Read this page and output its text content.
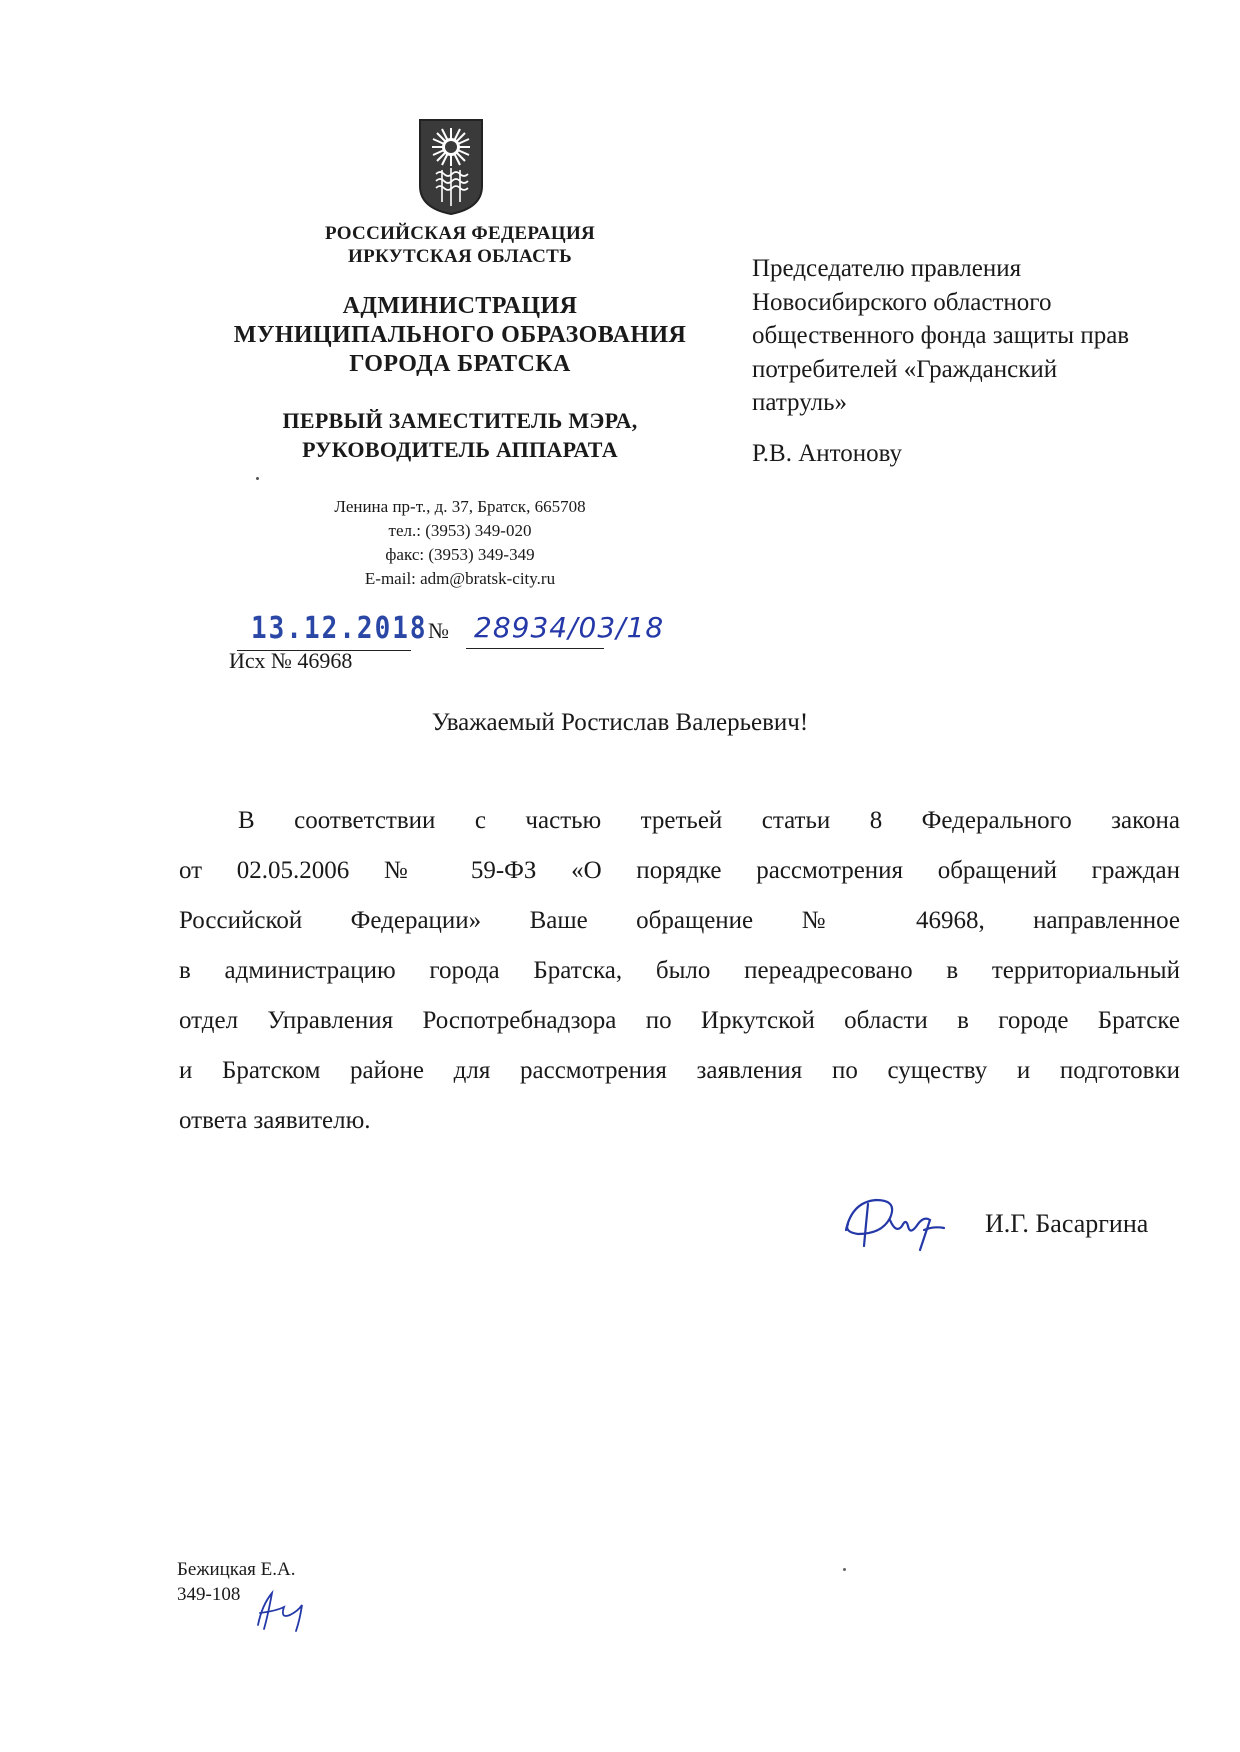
РОССИЙСКАЯ ФЕДЕРАЦИЯ
ИРКУТСКАЯ ОБЛАСТЬ
АДМИНИСТРАЦИЯ
МУНИЦИПАЛЬНОГО ОБРАЗОВАНИЯ
ГОРОДА БРАТСКА
ПЕРВЫЙ ЗАМЕСТИТЕЛЬ МЭРА,
РУКОВОДИТЕЛЬ АППАРАТА
Ленина пр-т., д. 37, Братск, 665708
тел.: (3953) 349-020
факс: (3953) 349-349
E-mail: adm@bratsk-city.ru
13.12.2018 № 28934/03/18
Исх № 46968
Председателю правления
Новосибирского областного
общественного фонда защиты прав
потребителей «Гражданский
патруль»
Р.В. Антонову
Уважаемый Ростислав Валерьевич!
В соответствии с частью третьей статьи 8 Федерального закона
от 02.05.2006 № 59-ФЗ «О порядке рассмотрения обращений граждан
Российской Федерации» Ваше обращение № 46968, направленное
в администрацию города Братска, было переадресовано в территориальный
отдел Управления Роспотребнадзора по Иркутской области в городе Братске
и Братском районе для рассмотрения заявления по существу и подготовки
ответа заявителю.
И.Г. Басаргина
Бежицкая Е.А.
349-108
